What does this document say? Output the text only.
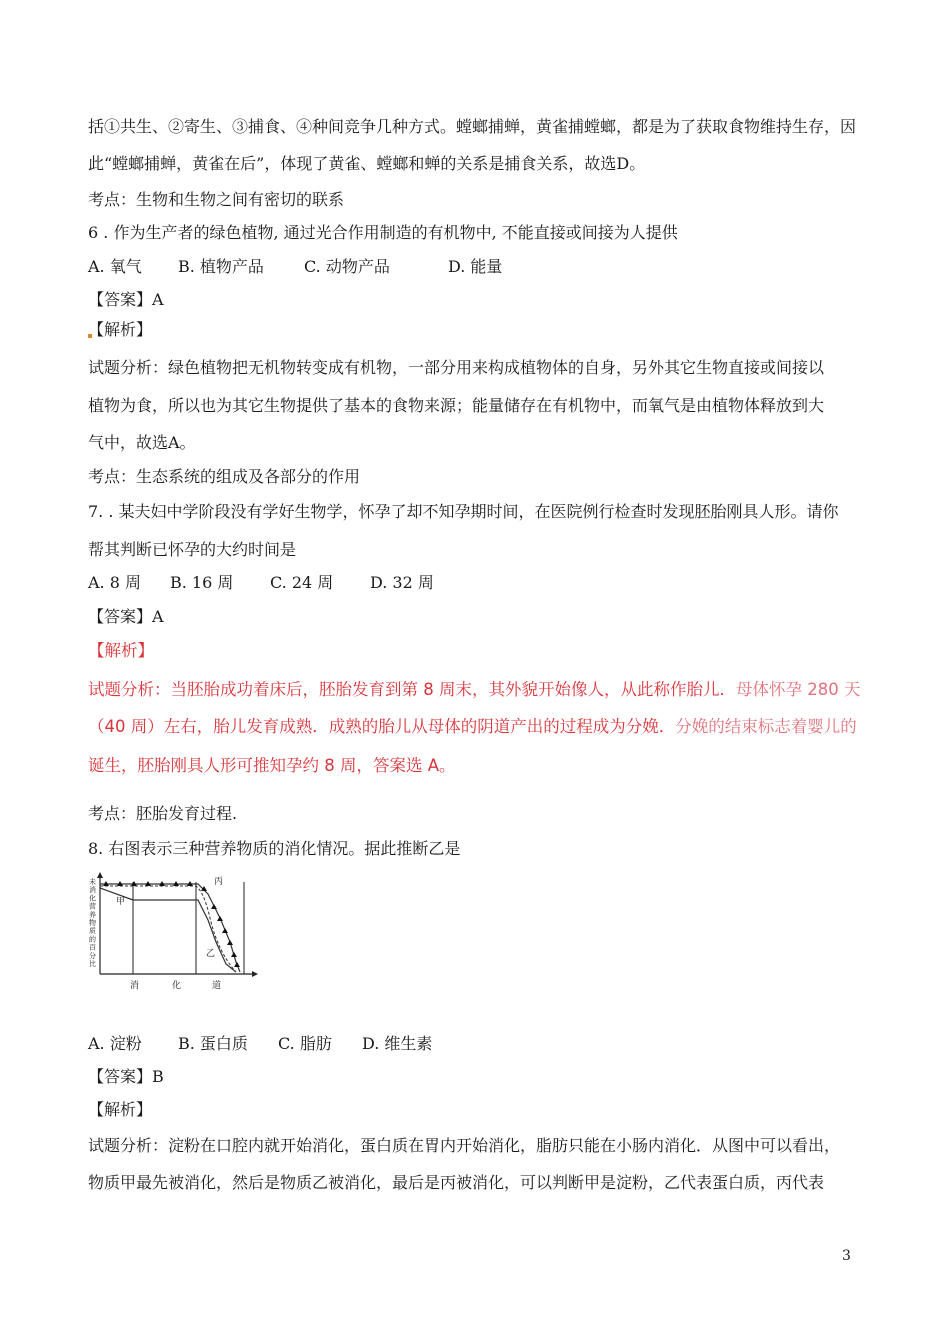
括①共生、②寄生、③捕食、④种间竞争几种方式。螳螂捕蝉，黄雀捕螳螂，都是为了获取食物维持生存，因
此“螳螂捕蝉，黄雀在后”，体现了黄雀、螳螂和蝉的关系是捕食关系，故选D。
考点：生物和生物之间有密切的联系
6 . 作为生产者的绿色植物, 通过光合作用制造的有机物中, 不能直接或间接为人提供
A. 氧气 B. 植物产品	C. 动物产品	D. 能量
【答案】A
【解析】
试题分析：绿色植物把无机物转变成有机物，一部分用来构成植物体的自身，另外其它生物直接或间接以
植物为食，所以也为其它生物提供了基本的食物来源；能量储存在有机物中，而氧气是由植物体释放到大
气中，故选A。
考点：生态系统的组成及各部分的作用
7. . 某夫妇中学阶段没有学好生物学，怀孕了却不知孕期时间，在医院例行检查时发现胚胎刚具人形。请你
帮其判断已怀孕的大约时间是
A. 8 周 B. 16 周 C. 24 周 D. 32 周
【答案】A
【解析】
试题分析：当胚胎成功着床后，胚胎发育到第 8 周末，其外貌开始像人，从此称作胎儿．母体怀孕 280 天
（40 周）左右，胎儿发育成熟．成熟的胎儿从母体的阴道产出的过程成为分娩．分娩的结束标志着婴儿的
诞生，胚胎刚具人形可推知孕约 8 周，答案选 A。
考点：胚胎发育过程.
8. 右图表示三种营养物质的消化情况。据此推断乙是
未消化营养物质的百分比
甲
乙
丙
消	化	道
A. 淀粉 B. 蛋白质 C. 脂肪 D. 维生素
【答案】B
【解析】
试题分析：淀粉在口腔内就开始消化，蛋白质在胃内开始消化，脂肪只能在小肠内消化．从图中可以看出，
物质甲最先被消化，然后是物质乙被消化，最后是丙被消化，可以判断甲是淀粉，乙代表蛋白质，丙代表
3
